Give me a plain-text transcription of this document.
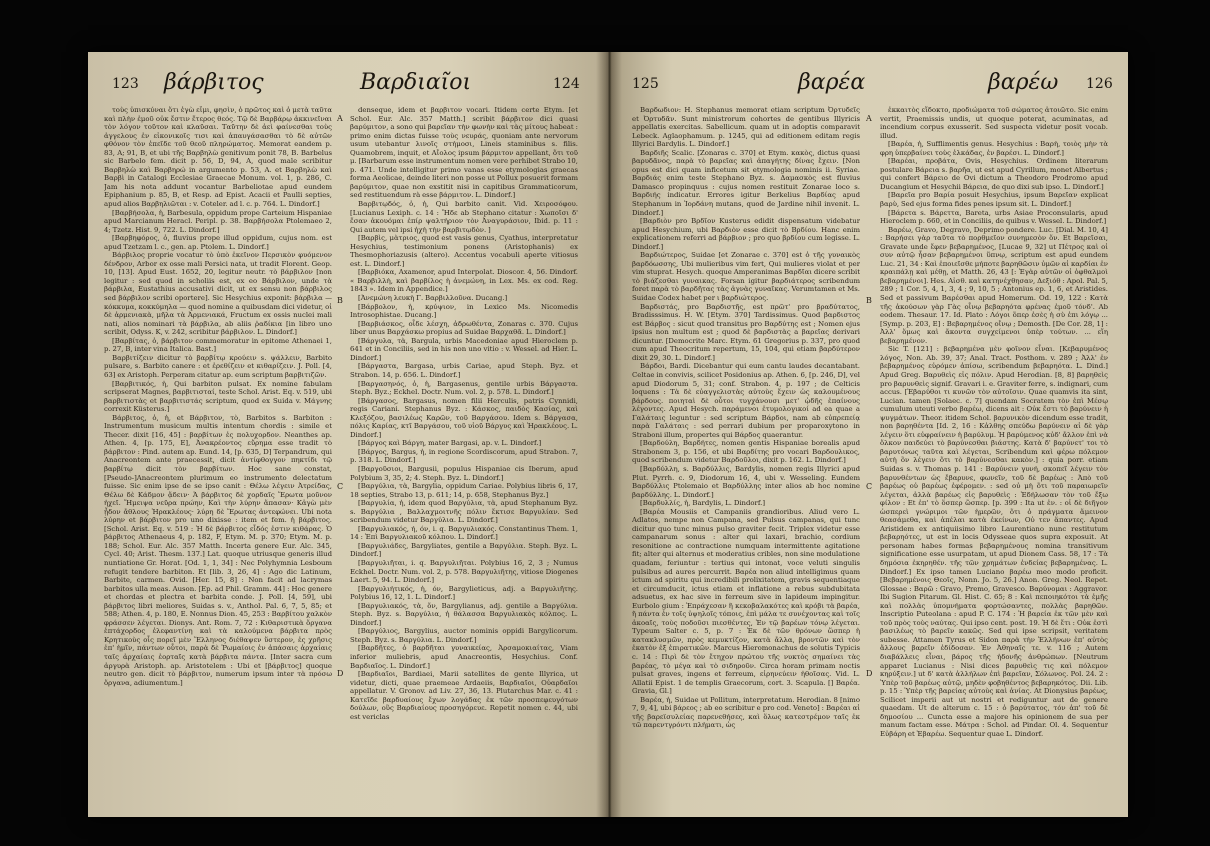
123 βάρβιτος	Βαρδιαῖοι	124

τοὺς ὑπισκύναι ὅτι ἐγὼ εἶμι, φησὶν, ὁ πρῶτος καὶ ὁ μετὰ ταῦτα καὶ πλὴν ἐμοῦ οὐκ ἔστιν ἕτερος θεός. Τῷ δὲ Βαρβάρῳ ἀκκινεῖναι τὸν λόγον τοῦτον καὶ κλαῦσαι. Ταῦτην δὲ ἀεὶ φαίνεσθαι τοὺς ἀγγελους ἐν εἰκονικοῖς τισι καὶ ἀπαυγάσασθαι τὸ δὲ αὐτῶν φθόνον τὸν ἐπεῖδε τοῦ θεοῦ πληρώματος. Memorat eandem p. 83, A; 91, B, et ubi τῆς Βαρβηλὼ genitivum ponit 78, B. Barbelus sic Barbelo fem. dicit p. 56, D, 94, A, quod male scribitur Βαρβηλὼ καὶ Βαρβηρώ in argumento p. 53, A. et Βαρβηλὼ καὶ Βαρβὶ in Catalogi Ecclesiae Graecae Monum. vol. 1, p. 286, C. Jam his nota addunt vocantur Barbeliotae apud eundem Epiphanium p. 85, B, et Resp. ad Epist. Acacii et Paulli septies, apud alios Βαρβηλιῶται : v. Coteler. ad l. c. p. 764. L. Dindorf.]

[Βαρβήσολα, ἡ, Barbesula, oppidum prope Carteium Hispaniae apud Marcianum Heracl. Peripl. p. 38. Βαρβήσολα Ptolemaeo 2, 4; Tzetz. Hist. 9, 722. L. Dindorf.]

[Βαρβηφόρος, ὁ, fluvius prope illud oppidum, cujus nom. est apud Tzetzam l. c., gen. ap. Ptolem. L. Dindorf.]

Βάρβιλος proprie vocatur τὸ ὑπὸ ἐκεῖνον Περσικὸν φυόμενον δένδρον, Arbor ex osse mali Persici nata, ut tradit Florent. Geop. 10, [13]. Apud Eust. 1652, 20, legitur neutr. τὸ βάρβιλον [non legitur : sed quod in scholiis est, ex eo Βάρβιλον, unde τὰ βάρβιλα, Eustathius accusativi dicit, ut ex sensu non βάρβιλος sed βάρβιλον scribi oportere]. Sic Hesychius exponit: βάρβιλα — κόκκυμα, κοκκύμηλα — quod nomine a quibusdam dici videtur, οἱ δὲ ἀρμενιακὰ, μῆλα τὰ Ἀρμενιακά, Fructum ex ossis nuclei mali nati, alios nominari τὰ βάρβιλα, ab aliis ῥαδίκια [in libro uno scribit, Odyss. K, v. 242, scribitur βάρβιλον. L. Dindorf.]

[Βαρβίτας, ὁ, βάρβιτον commemoratur in epitome Athenaei 1, p. 27, B, inter vina Italica. Bast.]

Βαρβιτίζειν dicitur τὸ βαρβίτῳ κρούειν s. ψάλλειν, Barbito pulsare, s. Barbito canere : et ἐρεθίζειν et κιθαρίζειν. J. Poll. [4, 63] ex Aristoph. Perperam citatur ap. eum scriptum βαρβιτιζῶν.

[Βαρβιτικός, ἡ, Qui barbiton pulsat. Ex nomine fabulam scripserat Magnes, βαρβιτισταί, teste Schol. Arist. Eq. v. 519, ubi βαρβιτιστὰς et βαρβιτιστάς scriptum, quod ex Suida v. Μάγνης correxit Küsterus.]

Βάρβιτος, ὁ, ἡ, et Βάρβιτον, τὸ, Barbitos s. Barbiton : Instrumentum musicum multis intentum chordis : simile et Thecer. dixit [16, 45] : βαρβίτων ἐς πολυχορδον. Neanthes ap. Athen. 4, [p. 175, E], Ἀνακρέοντος εὕρημα esse tradit τὸ βάρβιτον : Pind. autem ap. Eund. 14, [p. 635, D] Terpandrum, qui Anacreontem ante praecessit, dicit ἀντίφθογγον πηκτίδι τῷ βαρβίτῳ dicit τὸν βαρβίτων. Hoc sane constat, [Pseudo-]Anacreontem plurimum eo instrumento delectatum fuisse. Sic enim ipse de se ipso canit : Θέλω λέγειν Ἀτρείδας, Θέλω δὲ Κάδμον ᾄδειν· Ἁ βάρβιτος δὲ χορδαῖς Ἔρωτα μοῦνον ἠχεῖ. Ἤμειψα νεῦρα πρώην, Καὶ τὴν λύρην ἅπασαν· Κἀγὼ μὲν ᾖδον ἄθλους Ἡρακλέους· λύρη δὲ Ἔρωτας ἀντεφώνει. Ubi nota λύρην et βάρβιτον pro uno dixisse : item et fem. ἡ βάρβιτος. [Schol. Arist. Eq. v. 519 : Ἡ δὲ βάρβιτος εἶδός ἐστιν κιθάρας. Ὁ βάρβιτος Athenaeus 4, p. 182, F, Etym. M. p. 370; Etym. M. p. 188; Schol. Eur. Alc. 357 Matth. Incerta genere Eur. Alc. 345, Cycl. 40; Arist. Thesm. 137.] Lat. quoque utriusque generis illud nuntiatione Gr. Horat. [Od. 1, 1, 34] : Nec Polyhymnia Lesboum refugit tendere barbiton. Et [lib. 3, 26, 4] : Ago dic Latinum, Barbite, carmen. Ovid. [Her. 15, 8] : Non facit ad lacrymas barbitos ulla meas. Auson. [Ep. ad Phil. Gramm. 44] : Hoc genere et chordas et plectra et barbita conde. J. Poll. [4, 59], ubi βάρβιτος libri meliores, Suidas s. v., Anthol. Pal. 6, 7, 5, 85; et 588; Athen. 4, p. 180, E. Nonnus Dion. 45, 253 : Βαρβίτου χαλκὸν φράσσεν λέγεται. Dionys. Ant. Rom. 7, 72 : Κιθαριστικὰ ὄργανα ἑπτάχορδος ἐλεφαντίνη καὶ τὰ καλούμενα βάρβιτα πρὸς Κρητικοὺς οἷς πορεῖ μὲν Ἕλληνος διέθαψεν ὕστερον, ἐς χρῆσις ἐπ' ἡμῖν, πάντων οὗτοι, παρὰ δὲ Ῥωμαίοις ἐν ἁπάσαις ἀρχαίαις ταῖς ἀρχαίαις ἑορταῖς κατὰ βάρβιτα πάντα. [Inter sacra cum ἀργυρὰ Aristoph. ap. Aristotelem : Ubi et [βάρβιτος] quoque neutro gen. dicit τὸ βάρβιτον, numerum ipsum inter τὰ πρόσω ὄργανα, adiumentum.]

A
B
C
D

denseque, idem et βαρβιτον vocari. Itidem certe Etym. [et Schol. Eur. Alc. 357 Matth.] scribit βάρβιτον dici quasi βαρύμιτον, a sono qui βαρεῖαν τὴν φωνὴν καὶ τὰς μίτους habeat : primo enim dictas fuisse τοὺς νευράς, quoniam ante nervorum usum utebantur λινοῖς στήμοσι, Lineis staminibus s. filis. Quamobrem, inquit, et Αἴολος ipsum βάρμιτον appellant, ὅτι τοῦ μ. [Barbarum esse instrumentum nomen vere perhibet Strabo 10, p. 471. Unde intelligitur primo vanas esse etymologias graecas forma Aeolicae, deinde literi non posse ut Pollux posuerit formam βαρύμιτον, quae non exstitit nisi in capitibus Grammaticorum, sed restituendum rà esse βάρμιτον. L. Dindorf.]

Βαρβιτῳδός, ὁ, ἡ, Qui barbito canit. Vid. Χειροσόφου. [Lucianus Lexiph. c. 14 : Ἤδε ab Stephano citatur : Χωποῖσι δ' ἕσαν ἀκουόμαι ἐπίρ ψαλτήριον τὸν Ἀναγυράσιον, Ibid. p. 11 : Qui autem vel ipsi ἠχὴ τὴν βαρβιτῳδὸν. ]

[Βαρβὶς, μὰτριος, quod est vasis genus, Cyathus, interpretatur Hesychius, testimonium ponens (Aristophanis) ex Thesmophoriazusis (altero). Accentus vocabuli aperte vitiosus est. L. Dindorf.]

[Βαρβιόκα, Axamenor, apud Interpolat. Dioscor. 4, 56. Dindorf. « Βαρβιλλὴ, καὶ βαρβίλος ἡ ἀνεμώνη, in Lex. Ms. ex cod. Reg. 1843 ». Idem in Appendice.]

[Ἀνεμώνη λευκὴ Γ. Βαρβιλλοῦνα. Ducang.]

[Βάρβολον, ἡ, κρύψιον, in Lexico Ms. Nicomedis Introsophistae. Ducang.]

[Βαρβιάσκος, οἶδε λέσχη, ἀδρωθέντα, Zonaras c. 370. Cujus liber unus Βαρχάσκω propius ad Suidae Βαρχαθᾶ. L. Dindorf.]

[Βάργυλα, τὰ, Bargula, urbis Macedoniae apud Hieroclem p. 641 et in Conciliis, sed in his non uno vitio : v. Wessel. ad Hier. L. Dindorf.]

[Βάργαστα, Bargasa, urbis Cariae, apud Steph. Byz. et Strabon. 14, p. 656. L. Dindorf.]

[Βαργασηνός, ὁ, ἡ, Bargasenus, gentile urbis Βάργαστα. Steph. Byz.; Eckhel. Doctr. Num. vol. 2, p. 578. L. Dindorf.]

[Βάργασος, Bargasus, nomen filii Herculis, patris Cynnidi, regis Cariani. Stephanus Byz. : Κάσκος, παιδὸς Κασίας, καὶ Κλεξόζου, βασιλέως Καρῶν, τοῦ Βαργάσου. Idem s. Βάργασα, πόλις Καρίας, κτῖ Βαργάσου, τοῦ υἱοῦ Βάργυς καὶ Ἡρακλέους. L. Dindorf.]

[Βάργος καὶ Βάργη, mater Bargasi, ap. v. L. Dindorf.]

[Βάργος, Bargus, ἡ, in regione Scordiscorum, apud Strabon. 7, p. 318. L. Dindorf.]

[Βαργοῦσιοι, Bargusii, populus Hispaniae cis Iberum, apud Polybium 3, 35, 2; 4. Steph. Byz. L. Dindorf.]

[Βαργύλια, τὰ, Bargylia, oppidum Cariae. Polybius libris 6, 17, 18 septies, Strabo 13, p. 611; 14, p. 658, Stephanus Byz.]

[Βαργυλία, ἡ, idem quod Βαργύλια, τὰ, apud Stephanum Byz. s. Βαργύλια , Βαλλαχμοιτνῆς πόλιν ἔκτισε Βαργυλίαν. Sed scribendum videtur Βαργύλια. L. Dindorf.]

[Βαργυλιακός, ή, όν, i. q. Βαργυλιακός. Constantinus Them. 1, 14 : Ἐπὶ Βαργυλιακοῦ κόλπου. L. Dindorf.]

[Βαργυλιάδες, Bargyliates, gentile a Βαργύλια. Steph. Byz. L. Dindorf.]

[Βαργυλιῆται, i. q. Βαργυλιῆται. Polybius 16, 2, 3 ; Numus Eckhel. Doctr. Num. vol. 2, p. 578. Βαργυλιῆτης, vitiose Diogenes Laert. 5, 94. L. Dindorf.]

[Βαργυλιήτικός, ἡ, όν, Bargylieticus, adj. a Βαργυλιῆτης. Polybius 16, 12, 1. L. Dindorf.]

[Βαργυλιακός, τὰ, ὄν, Bargylianus, adj. gentile a Βαργύλια. Steph. Byz. s. Βαργύλια, ἡ θάλασσα Βαργυλιακὸς κόλπος. L. Dindorf.]

[Βαργύλιος, Bargylius, auctor nominis oppidi Bargylicorum. Steph. Byz. s. Βαργύλια. L. Dindorf.]

[Βαρδῆτες, ὁ βαρδῆται γυναικείας, Ἀρσαμοκιαίτας, Viam inferior muliebris, apud Anacreontis, Hesychius. Conf. Βαρδιαῖος. L. Dindorf.]

[Βαρδιαῖοι, Bardiaei, Marii satellites de gente Illyrica, ut videtur, dicti, quae praemeae Ardaeiis, Βαρδιαῖοι, Οὐαρδαῖοι appellatur. V. Gronov. ad Liv. 27, 36, 13. Plutarchus Mar. c. 41 : Κατεῖδε βαρδυαίους ἔχων λογάδας ἐκ τῶν προσπεφευγότων δούλων, οὓς Βαρδιαίους προσηγόρευε. Repetit nomen c. 44, ubi est vericlas

125	βαρέα	βαρέω 126

Βαρδωδιον: H. Stephanus memorat etiam scriptum Ὀρτυδεῖς et Ὀρτυδᾶν. Sunt ministrorum cohortes de gentibus Illyricis appellatis exercitas. Sabellicum. quam ut in adoptis comparavit Lebeck. Aglaophamum. p. 1245, qui ad editionem editam regis Illyrici Bardylis. L. Dindorf.]

Βαρδιῆς Scalic. [Zonaras c. 370] et Etym. κακὸς, dictus quasi βαρυδᾶνος, παρὰ τὸ βαρεῖας καὶ ἀπαγήτης δίνας ἔχειν. [Non opus est dici quam inficetum sit etymologia nominis ii. Syriae. Βαρδιάς enim teste Stephano Byz. s. Δαμασκὸς est fluvius Damasco propinquus : cujus nomen restituit Zonarae loco s. Βαρδιής indicatur. Errores igitur Berkelius Βαρδίας apud Stephanum in Ἰορδάνη mutans, quod de Jardine nihil invenit. L. Dindorf.]

[Βαρδιὸν pro Βρδῖον Kusterus edidit dispensatum videbatur apud Hesychium, ubi Βαρδιὸν esse dicit τὸ Βρδίου. Hanc enim explicationem referri ad βάρβιον ; pro quo βρδίου cum legisse. L. Dindorf.]

Βαρδιώτερος, Suidae [et Zonarae c. 370] est ὁ τῆς γυναικὸς βαρδόωσσης, Ubi mulieribus vim fert, Qui mulieres violat et per vim stuprat. Hesych. quoque Amperanimas Βαρδῖαι dicere scribit τὸ βιάζεσθαι γυναικας. Forsan igitur βαρδιάτερος scribendum foret παρὰ τὸ βαρδῆτας τὰς ἀγνὰς γυναῖκας. Verumtamen et Ms. Suidae Codex habet per ι βαρδιώτερος.

Βαρδιστάς, pro Βαρδιστῆς, est πρῶτ' pro βραδύτατος, Bradisssimus. H. W. [Etym. 370] Tardissimus. Quod βαρδιστος est Βάρβος : sicut quod transitus pro Βαρδύτης est ; Nomen ejus ipsius non multum est ; quod δὲ βαρδιστὰς a βαρεῖας derivari dicuntur. [Democrite Marc. Etym. 61 Gregorius p. 337, pro quod cum apud Theocritum repertum, 15, 104, qui etiam βαρδύτερον dixit 29, 30. L. Dindorf.]

Βάρδοι, Bardi. Dicebantur qui eum cantu laudes decantabant. Celtae in convivis, scilicet Posidonius ap. Athen. 6, [p. 246, D], vel apud Diodorum 5, 31; conf. Strabon. 4, p. 197 ; de Celticis loquens : Τὰ δὲ εὐαγγελιστὰς αὐτοὺς ἔχειν ὡς καλουμένους βάρδους. ποιηταὶ δὲ οὗτοι τυγχάνουσι μετ' ᾠδῆς ἐπαίνους λέγοντες. Apud Hesych. παράμενοι ἐτυμολογικοί ad ea quae a Γαλάταις leguntur : sed scriptum Βάρδοι, nam ab εὐπρεπείᾳ παρὰ Γαλάταις : sed perrari dubium per proparoxytono in Straboni illum, propertes qui Βάρδος quaerantur.

[Βαρδούλη, Βαρδήτες, nomen gentis Hispaniae borealis apud Strabonem 3, p. 156, et ubi Βαρδίτης pro vocari Βαρδουλικος, quod scribendum videtur Βαρδοῦλοι, dixit p. 162. L. Dindorf.]

[Βαρδύλλη, s. Βαρδύλλις, Bardylis, nomen regis Illyrici apud Plut. Pyrrh. c. 9, Diodorum 16, 4, ubi v. Wesseling. Eundem Βαρδύλλις Ptolemaio et Βαρδύλλης inter alios ab hoc nomine βαρδύλλης. L. Dindorf.]

[Βαρδυλλίς, ἡ, Bardylis, L. Dindorf.]

[Βαρέα Mousiis et Campaniis grandioribus. Aliud vero L. Adlatos, nempe non Campana, sed Pulsus campanas, qui tunc dicitur quo tunc minus pulso graviter fecit. Triplex videtur esse campanarum sonus : alter qui laxari, brachio, cordium resonitione ac contractione numquam intermittente agitatione fit; alter qui alternus et moderatius cribles, non sine modulatione quadam, feriuntur : tertius qui intonat, voce veluti singulis pulsibus ad aures percurrit. Βαρέα non aliud intelligimus quam ictum ad spiritu qui incredibili prolixitatem, gravis sequentiaque et circumducit, ictus etiam et inflatione a rebus subdubitata adsuetus, ex hac sive in ferreum sive in lapideum impingitur. Eurbolo gium : Ἐπράχεσαν ἢ κεκοβαλακότες καὶ κρόβι τὰ βαρέα, ἢ πάντα ἐν τοῖς ὑψηλοῖς τόποις, ἐπὶ μάλα τε συνέχοντας καὶ τοῖς ἀκοαῖς, τοὺς ποδοῦσι πιεσθέντες, Ἐν τῷ βαρέων τόνῳ λέγεται. Typeum Salter c. 5, p. 7 : Ἐκ δὲ τῶν θρόνων ὥσπερ ἡ κατακλυσμῶν, πρὸς κεμυκτίζον, κατὰ ἄλλα, βροντῶν καὶ τὸν ἐκατὸν ἐξ ἐπιρατικῶν. Marcus Hieromonachus de solutis Typicis c. 14 : Πιρὶ δὲ τὸν ἔτηχον πρώτου τῆς νυκτὸς σημαίνει τὰς βαρέας, τὸ μέγα καὶ τὸ σιδηροῦν. Circa horam primam noctis pulsat graves, ingens et ferreum, εἰρηνεύειν ἠθοῖσας. Vid. L. Allatii Epist. 1 de templis Graecorum, cort. 3. Scapula. [] Βαρέα. Gravia, Gl.]

Βαρέα, ἡ, Suidae ut Pollitum, interpretatum. Herodian. 8 [nimo 7, 9, 4], ubi βάρεος ; ab eo scribitur e pro cod. Veneto] : Βαρέαι αἱ τῆς βαρεϊσυλείας παρενεθήσες, καὶ ὅλως κατεστρέμον ταῖς ἐκ τῶ παρεντγρόντι πλήματι, ὡς

A
B
C
D

ἐκκαιτὸς εἴδοκτο, προδιώματα τοῦ σώματος ἀτοιῶτο. Sic enim vertit, Praemissis undis, ut quoque poterat, acuminatas, ad incendium corpus exusserit. Sed suspecta videtur posit vocab. illud.

[Βαρέα, ἡ, Sufflimentis genus. Hesychius : Βαρὴ, τοιὸς μὴν τὰ φρη ὑπερβαίνει τοὺς ἑλκάδας, ἐν βαρέσι. L. Dindorf.]

[Βαρέαι, προβάτα, Ovis, Hesychius. Ordinem literarum postulare Βάρεια s. βαρῆα, ut est apud Cyrillum, monet Albertus ; qui confert Βάρειο de Ovi dictum a Theodoro Prodromo apud Ducangium et Hesychii Βάρεια, de quo dixi sub ipso. L. Dindorf.]

[Βαρεῖα pro Βαρία posuit Hesychius, ipsum Βαρεῖαν explicat βαρὺ, Sed ejus forma fides penes ipsum sit. L. Dindorf.]

[Βάρετα s. Βάρεττα, Bareta, urbs Asiae Proconsularis, apud Hieroclem p. 660, et in Conciliis, de quibus v. Wessel. L. Dindorf.]

Βαρέω, Gravo, Degravo, Deprimo pondere. Luc. [Dial. M. 10, 4] : Βαρήσει γὰρ ταῦτα τὸ πορθμεῖον συνημεσὸν ὄν. Et Βαρεῖσαι, Gravate unde ἔφεν βεβαρημένος, [Lucae 9, 32] ut Πέτρος καὶ οἱ συν αὐτῷ ἦσαν βεβαρημένοι ὕπνῳ, scriptum est apud eundem Luc. 21, 34 : Καὶ ἐποιεῖσθε μήποτε βαρηθῶσιν ὑμῶν αἱ καρδίαι ἐν κραιπάλῃ καὶ μέθῃ, et Matth. 26, 43 [: Ἐγὰρ αὐτῶν οἱ ὀφθαλμοὶ βεβαρημένοι]. Hes. Αἰσθ. καὶ κατηνέχθησαν, Δεξιόθ : Apol. Pal. 5, 289 ; 1 Cor. 5, 4, 1, 3, 4 ; 9, 10, 5 ; Antonius ep. 1, 6, et Aristides. Sed et passivum Βαρέσθαι apud Homerum. Od. 19, 122 : Κατὰ τῆς ἀκούσων γὰρ Γὰς οἶνῳ βεβαρηότα φρένας ἐμοῦ τόνδ'. Ab eodem. Thesaur. 17. Id. Plato : Λόγοι ὅπερ ἐσὲς ἡ σὺ ἐπι λόγῳ ... [Symp. p. 203, E] : Βεβαρημένος οἴνῳ ; Demosth. [De Cor. 28, 1] : Ἀλλ' ὅμως καὶ ἄκοντα συγχείμενοι ὑπὲρ τούτων. ... εἴη βεβαρημένον.

Sic T. [121] : βεβαρημένα μὲν φοῖνον εἶναι. [Κεβαρυμένος λόγος, Non. Ab. 39, 37; Anal. Tract. Posthom. v. 289 ; Ἀλλ' ἐν βεβαρημένος εὑρόμεν ἀπίσω, scribendum βεβαρηότα. L. Dind.] Apud Greg. Βαρυθεὶς εἰς πόλιν. Apud Herodian. [8, 8] βαρηθεὶς pro βαρυνθεὶς signif. Gravari i. e. Graviter ferre, s. indignari, cum accus. [Ἐβαρύθοι τι κυνῶν τὸν αὐτοῖσιν. Quae quamvis ita sint, Lucian. tamen [Solaec. c. 7] quendam Socratem τὸν ἐπὶ Μέσῳ cumulum uteuti verbo βαρέω, dicens ait : Οὐκ ἔστι τὸ βαρύνειν ἡ ψυγμάτων. Theor. itidem Schol. βαρυνικὸν dicendum esse tradit, non βαρηθέντα [Id. 2, 16 : Κἀλθης σπεύδω βαρύνειν αἱ δὲ γὰρ λέγειν ὅτι εὐφραίνειν ἡ βαρύλυμ. Ἡ βαρύμενος κὐδ' ἄλλον ἐπὶ νὰ ὄλκον παιδεύει τὸ βαρύνεσθαι βιάστης. Κατὰ δ' βαρύνετ' τοι τὸ βαρυτόνως ταῦτα καὶ λέγεται, Scribendum καὶ φέρω πόλεμον αὐτὴ ὃν λέγειν ὅτι τὸ βαρύνεσθαι κακὸν.] : quia porr. etiam Suidas s. v. Thomas p. 141 : Βαρύνειν γυνή, σκοπεῖ λέγειν τὸν βαρυνθέντων ὡς ἔβαρυνε, φωνεῖν, τοῦ δὲ βαρέως : Ἀπὸ τοῦ βαρέως οὐ βαρέως ἐφέρομεν. : sed οὐ μὴ ὅτι τοῦ παραιωρεῖν λέγεται, ἀλλὰ βαρέως εἰς βαρυθεὶς : Ἐδήλωσαν τὸν τοῦ ἔξω φίλον : Et ἐπ' τὸ ὅσπερ ὥσπερ. [p. 399 : Ita ut ἐν. : οἱ δὲ διῆγον ὡσπερεὶ γνώριμοι τῶν ἡμερῶν, ὅτι ὁ πράγματα ἄμεινον θεασάμεθα, καὶ ἀπέλαι κατὰ ἐκείνων, Οὐ τεν ἅπαντες. Apud Aristidem ex antiquiisimo libro Laurentiano nunc restitutum βεβαρηότες, ut est in locis Odysseae quos supra exposuit. At personam habes formas βεβαρημένους nomina transitivum significatione esse usurpatam, ut apud Dionem Cass. 58, 17 : Τὰ δημόσια ἐκηρηθέν. τῆς τῶν χρημάτων ἐνδείας βεβαρημένας. L. Dindorf.] Ex ipso tamen Luciano βαρέω meo modo proficit. [Βεβαρημένοις Θεοῖς, Nonn. Jo. 5, 26.] Anon. Greg. Neol. Repet. Glossae : Βαρῶ : Gravo, Premo, Gravesco. Βαρύνομαι : Aggravor. Ibi Sugion Pitarum. Gl. Hist. C. 65; 8 : Καὶ πεποιηκότοι τὰ ἐμῆς καὶ πολλὰς ὑπομνήματα φορτώσαντες, πολλὰς βαρηθῶν. Inscriptio Puteolana : apud P. C. 174 : Ἡ βαρεία ἐκ τῶν μὲν καὶ τοῦ πρὸς τοὺς ναύτας. Qui ipso cent. post. 19. Ἡ δὲ ἔτι : Οὐκ ἐστὶ βασιλέως τὸ βαρεῖν κακῶς. Sed qui ipse scripsit, veritatem subesse. Attamen Tyrus et Sidon παρὰ τὴν Ἑλλήνων ἐπ' αὐτὸς ἄλλους βαρεῖν ἐδίδοσαν. Ἐν Ἀθηναῖς τε. v. 116 ; Autem διαβάλλεις εἶναι, βάρος τῆς ἡδονῆς ἀνθρώπων. [Neutrum apparet Lucianus : Nisi dices βαρυθεὶς τις καὶ πόλεμον κηρύξειν.] ut δ' κατὰ ἀλλήλων ἐπὶ βαρεῖαν, Σόλωνος. Pol. 24. 2 : Ὑπὲρ τοῦ βαρέως αὐτῷ, μηδὲν φοβηθέντος βεβαρηκότος. Dii. Lib. p. 15 : Ὑπὲρ τῆς βαρείας αὐτοὺς καὶ ἀνίας. At Dionysius βαρέως, Scilicet imperii aut ut nostri et rediguntur aut de genere quaedam. Ut de alterum c. 15 : ὁ βαρύτατος, τόν ἀπ' τοῦ δὲ δημοσίου ... Cuncta esse a majore his opinionem de sua per manum factam esse. Μάτρα : Schol. ad Pindar. Ol. 4. Sequentur Εὐβάρη et Ἐβαρέω. Sequentur quae L. Dindorf.
